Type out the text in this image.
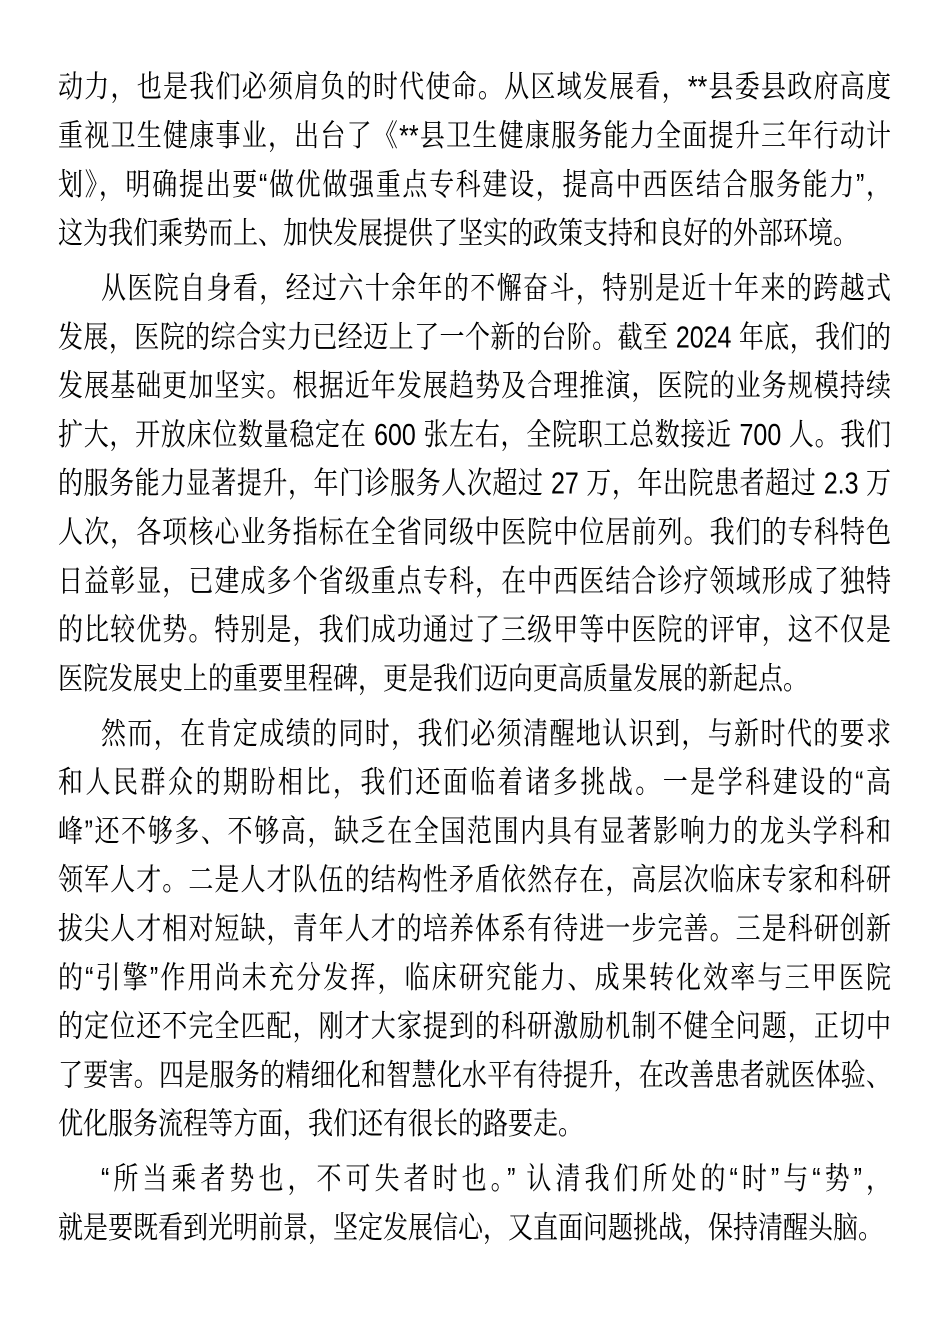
动力，也是我们必须肩负的时代使命。从区域发展看，**县委县政府高度
重视卫生健康事业，出台了《**县卫生健康服务能力全面提升三年行动计
划》，明确提出要“做优做强重点专科建设，提高中西医结合服务能力”，
这为我们乘势而上、加快发展提供了坚实的政策支持和良好的外部环境。
从医院自身看，经过六十余年的不懈奋斗，特别是近十年来的跨越式
发展，医院的综合实力已经迈上了一个新的台阶。截至 2024 年底，我们的
发展基础更加坚实。根据近年发展趋势及合理推演，医院的业务规模持续
扩大，开放床位数量稳定在 600 张左右，全院职工总数接近 700 人。我们
的服务能力显著提升，年门诊服务人次超过 27 万，年出院患者超过 2.3 万
人次，各项核心业务指标在全省同级中医院中位居前列。我们的专科特色
日益彰显，已建成多个省级重点专科，在中西医结合诊疗领域形成了独特
的比较优势。特别是，我们成功通过了三级甲等中医院的评审，这不仅是
医院发展史上的重要里程碑，更是我们迈向更高质量发展的新起点。
然而，在肯定成绩的同时，我们必须清醒地认识到，与新时代的要求
和人民群众的期盼相比，我们还面临着诸多挑战。一是学科建设的“高
峰”还不够多、不够高，缺乏在全国范围内具有显著影响力的龙头学科和
领军人才。二是人才队伍的结构性矛盾依然存在，高层次临床专家和科研
拔尖人才相对短缺，青年人才的培养体系有待进一步完善。三是科研创新
的“引擎”作用尚未充分发挥，临床研究能力、成果转化效率与三甲医院
的定位还不完全匹配，刚才大家提到的科研激励机制不健全问题，正切中
了要害。四是服务的精细化和智慧化水平有待提升，在改善患者就医体验、
优化服务流程等方面，我们还有很长的路要走。
“所当乘者势也，不可失者时也。” 认清我们所处的“时”与“势”，
就是要既看到光明前景，坚定发展信心，又直面问题挑战，保持清醒头脑。
